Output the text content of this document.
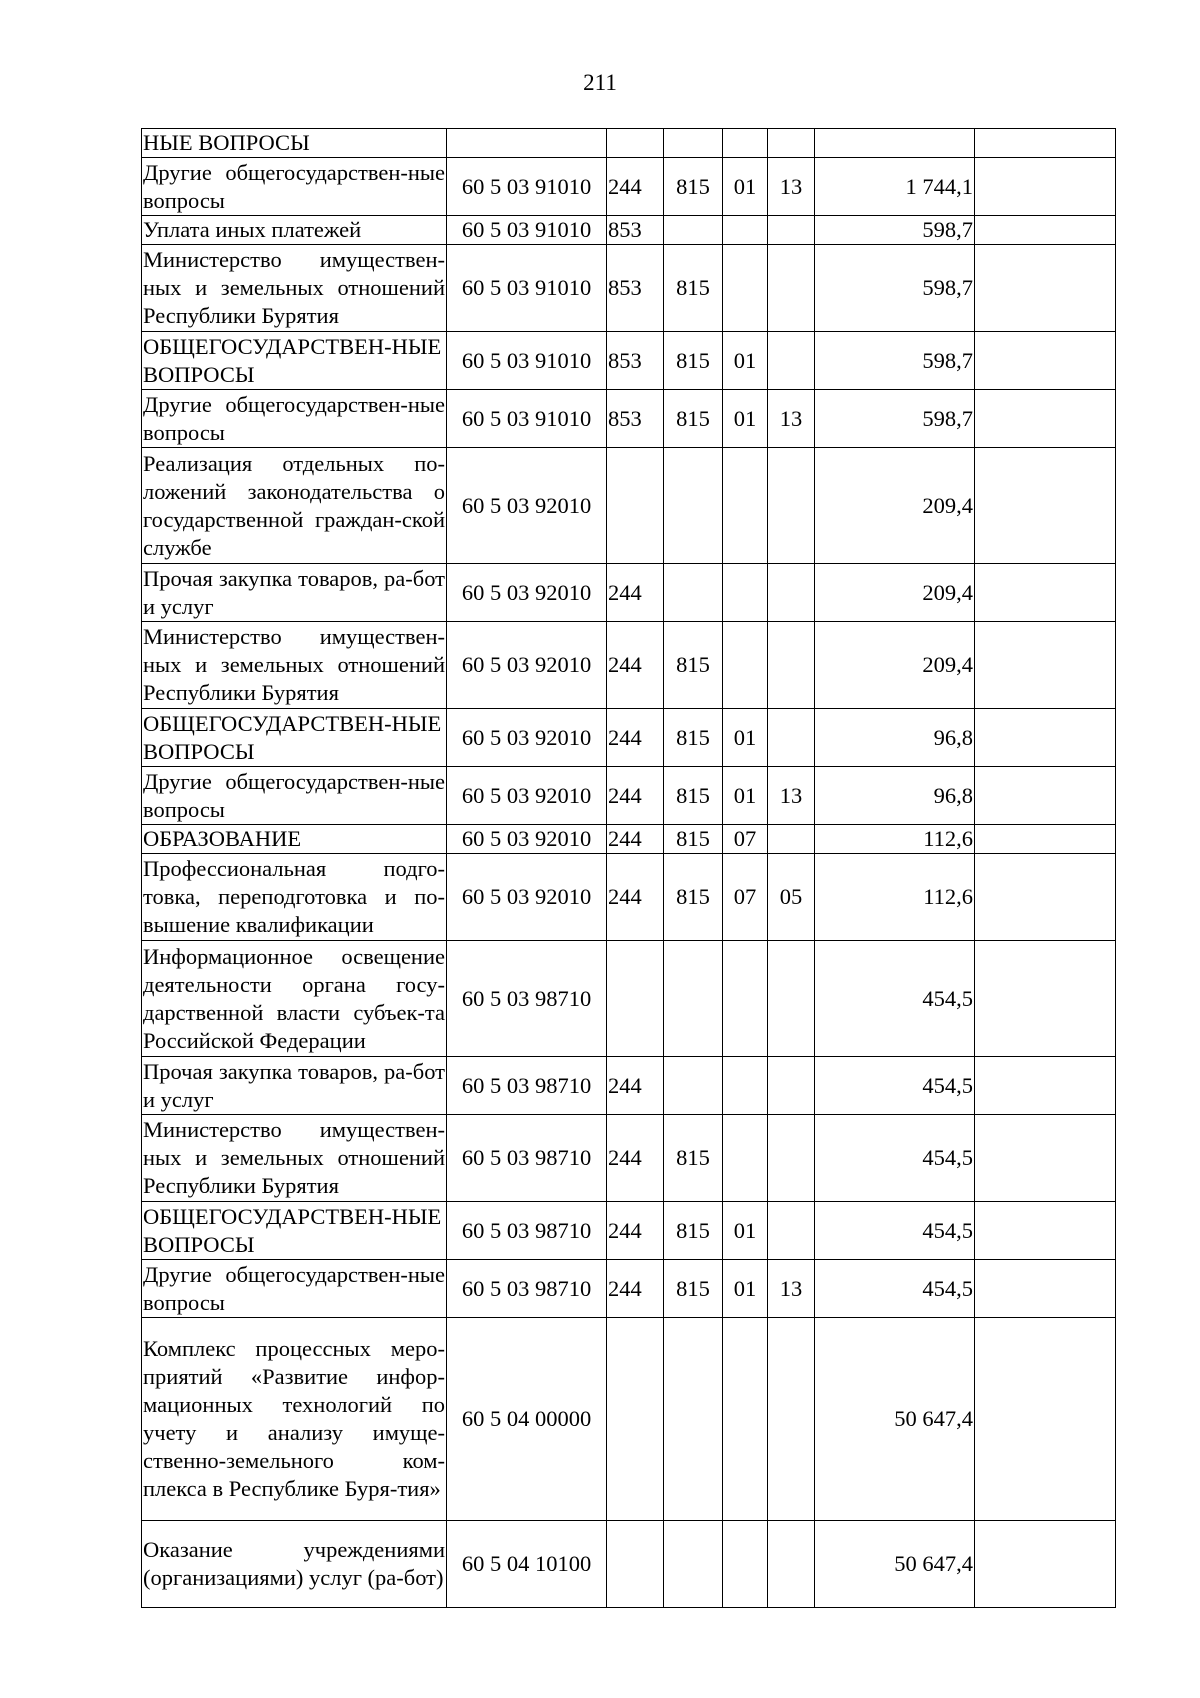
211
НЫЕ ВОПРОСЫ							
Другие общегосударствен-ные вопросы	60 5 03 91010	244	815	01	13	1 744,1	
Уплата иных платежей	60 5 03 91010	853				598,7	
Министерство имуществен-ных и земельных отношений Республики Бурятия	60 5 03 91010	853	815			598,7	
ОБЩЕГОСУДАРСТВЕН-НЫЕ ВОПРОСЫ	60 5 03 91010	853	815	01		598,7	
Другие общегосударствен-ные вопросы	60 5 03 91010	853	815	01	13	598,7	
Реализация отдельных по-ложений законодательства о государственной граждан-ской службе	60 5 03 92010					209,4	
Прочая закупка товаров, ра-бот и услуг	60 5 03 92010	244				209,4	
Министерство имуществен-ных и земельных отношений Республики Бурятия	60 5 03 92010	244	815			209,4	
ОБЩЕГОСУДАРСТВЕН-НЫЕ ВОПРОСЫ	60 5 03 92010	244	815	01		96,8	
Другие общегосударствен-ные вопросы	60 5 03 92010	244	815	01	13	96,8	
ОБРАЗОВАНИЕ	60 5 03 92010	244	815	07		112,6	
Профессиональная подго-товка, переподготовка и по-вышение квалификации	60 5 03 92010	244	815	07	05	112,6	
Информационное освещение деятельности органа госу-дарственной власти субъек-та Российской Федерации	60 5 03 98710					454,5	
Прочая закупка товаров, ра-бот и услуг	60 5 03 98710	244				454,5	
Министерство имуществен-ных и земельных отношений Республики Бурятия	60 5 03 98710	244	815			454,5	
ОБЩЕГОСУДАРСТВЕН-НЫЕ ВОПРОСЫ	60 5 03 98710	244	815	01		454,5	
Другие общегосударствен-ные вопросы	60 5 03 98710	244	815	01	13	454,5	
Комплекс процессных меро-приятий «Развитие инфор-мационных технологий по учету и анализу имуще-ственно-земельного ком-плекса в Республике Буря-тия»	60 5 04 00000					50 647,4	
Оказание учреждениями (организациями) услуг (ра-бот)	60 5 04 10100					50 647,4	
